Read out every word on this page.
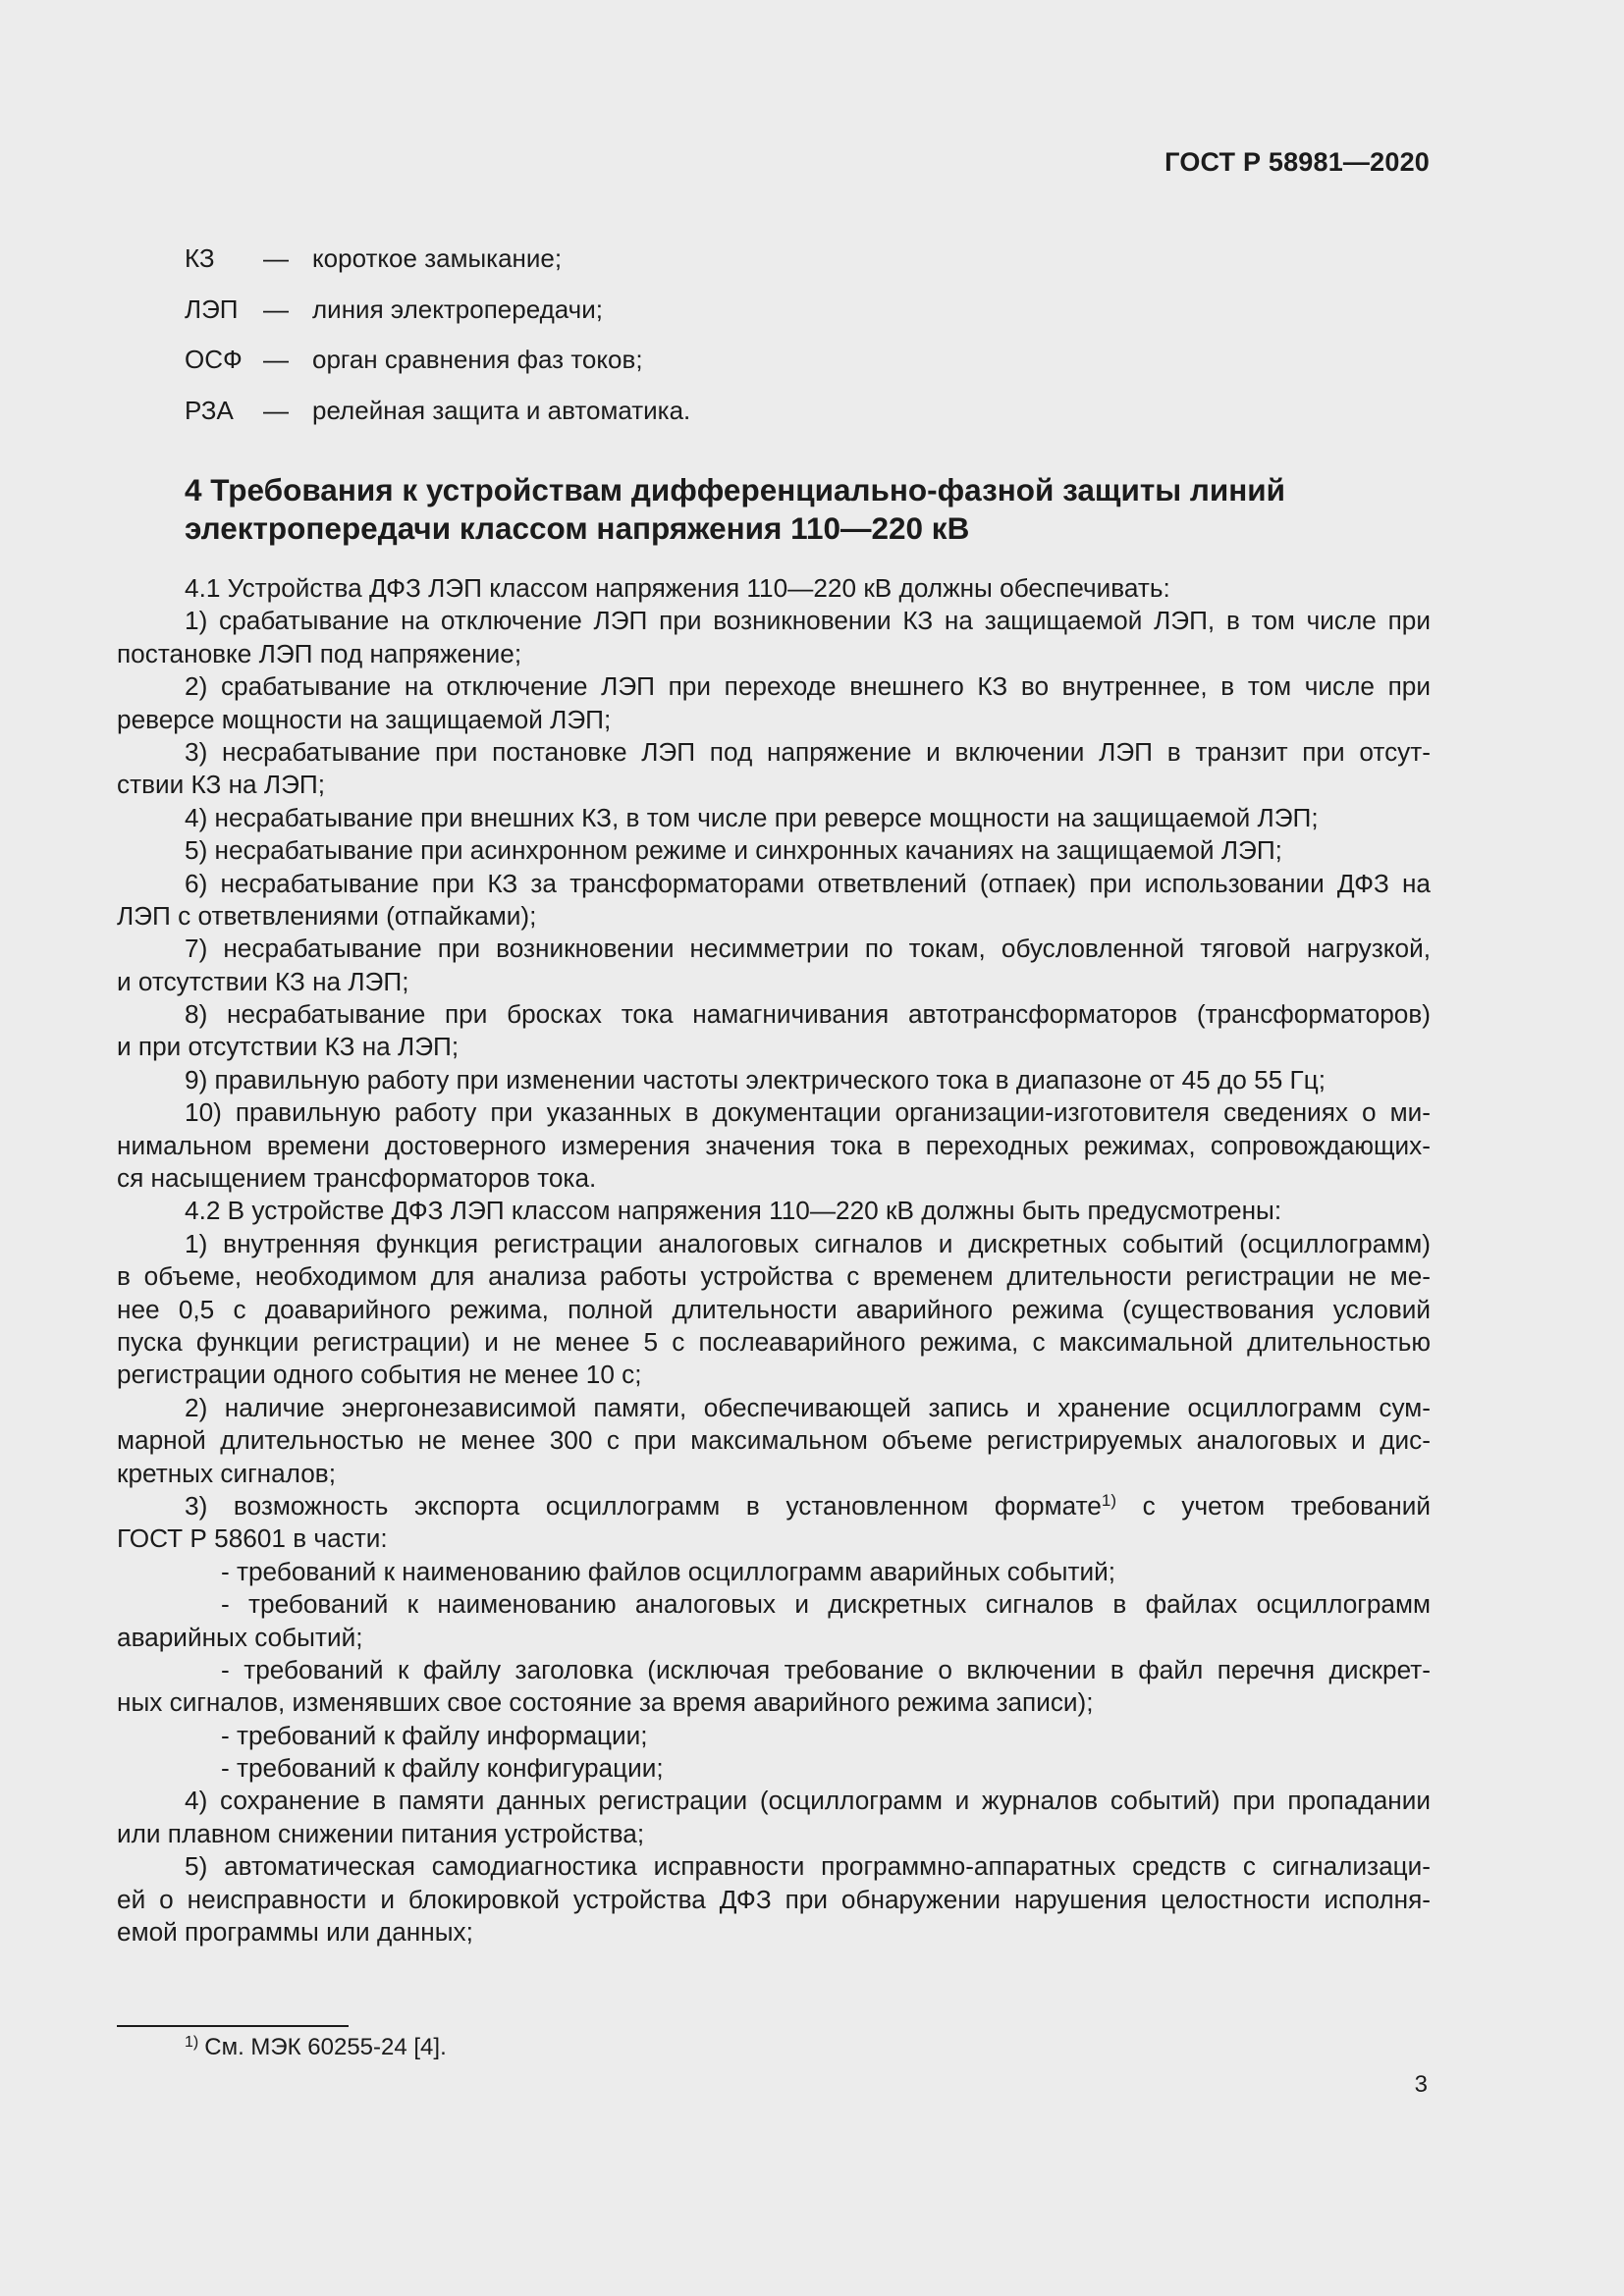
ГОСТ Р 58981—2020
КЗ — короткое замыкание;
ЛЭП — линия электропередачи;
ОСФ — орган сравнения фаз токов;
РЗА — релейная защита и автоматика.
4 Требования к устройствам дифференциально-фазной защиты линий
электропередачи классом напряжения 110—220 кВ
4.1 Устройства ДФЗ ЛЭП классом напряжения 110—220 кВ должны обеспечивать:
1) срабатывание на отключение ЛЭП при возникновении КЗ на защищаемой ЛЭП, в том числе при
постановке ЛЭП под напряжение;
2) срабатывание на отключение ЛЭП при переходе внешнего КЗ во внутреннее, в том числе при
реверсе мощности на защищаемой ЛЭП;
3) несрабатывание при постановке ЛЭП под напряжение и включении ЛЭП в транзит при отсут-
ствии КЗ на ЛЭП;
4) несрабатывание при внешних КЗ, в том числе при реверсе мощности на защищаемой ЛЭП;
5) несрабатывание при асинхронном режиме и синхронных качаниях на защищаемой ЛЭП;
6) несрабатывание при КЗ за трансформаторами ответвлений (отпаек) при использовании ДФЗ на
ЛЭП с ответвлениями (отпайками);
7) несрабатывание при возникновении несимметрии по токам, обусловленной тяговой нагрузкой,
и отсутствии КЗ на ЛЭП;
8) несрабатывание при бросках тока намагничивания автотрансформаторов (трансформаторов)
и при отсутствии КЗ на ЛЭП;
9) правильную работу при изменении частоты электрического тока в диапазоне от 45 до 55 Гц;
10) правильную работу при указанных в документации организации-изготовителя сведениях о ми-
нимальном времени достоверного измерения значения тока в переходных режимах, сопровождающих-
ся насыщением трансформаторов тока.
4.2 В устройстве ДФЗ ЛЭП классом напряжения 110—220 кВ должны быть предусмотрены:
1) внутренняя функция регистрации аналоговых сигналов и дискретных событий (осциллограмм)
в объеме, необходимом для анализа работы устройства с временем длительности регистрации не ме-
нее 0,5 с доаварийного режима, полной длительности аварийного режима (существования условий
пуска функции регистрации) и не менее 5 с послеаварийного режима, с максимальной длительностью
регистрации одного события не менее 10 с;
2) наличие энергонезависимой памяти, обеспечивающей запись и хранение осциллограмм сум-
марной длительностью не менее 300 с при максимальном объеме регистрируемых аналоговых и дис-
кретных сигналов;
3) возможность экспорта осциллограмм в установленном формате$^{1)}$ с учетом требований
ГОСТ Р 58601 в части:
- требований к наименованию файлов осциллограмм аварийных событий;
- требований к наименованию аналоговых и дискретных сигналов в файлах осциллограмм
аварийных событий;
- требований к файлу заголовка (исключая требование о включении в файл перечня дискрет-
ных сигналов, изменявших свое состояние за время аварийного режима записи);
- требований к файлу информации;
- требований к файлу конфигурации;
4) сохранение в памяти данных регистрации (осциллограмм и журналов событий) при пропадании
или плавном снижении питания устройства;
5) автоматическая самодиагностика исправности программно-аппаратных средств с сигнализаци-
ей о неисправности и блокировкой устройства ДФЗ при обнаружении нарушения целостности исполня-
емой программы или данных;
$^{1)}$ См. МЭК 60255-24 [4].
3
